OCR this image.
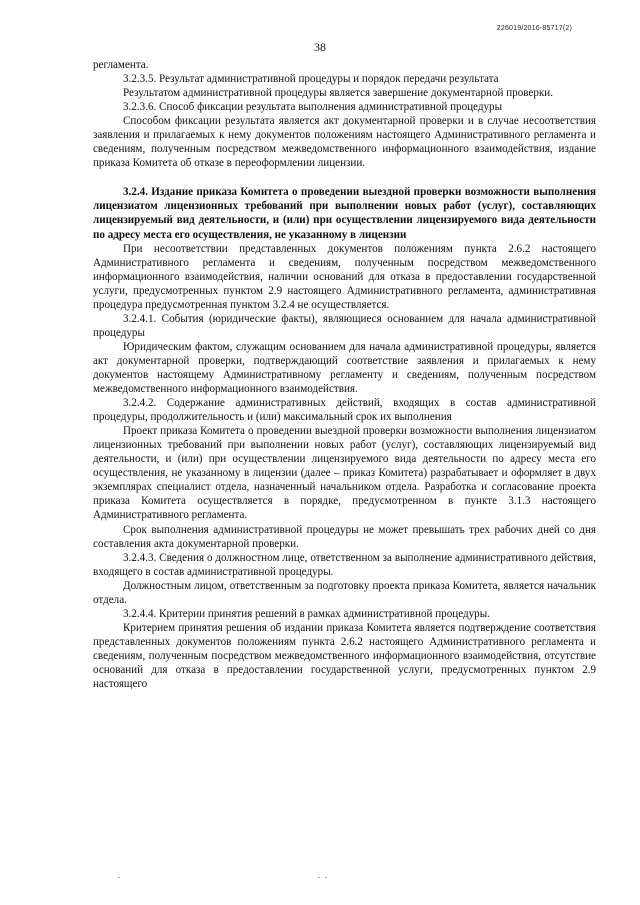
226019/2016-85717(2)
38

регламента.

3.2.3.5. Результат административной процедуры и порядок передачи результата

Результатом административной процедуры является завершение документарной проверки.

3.2.3.6. Способ фиксации результата выполнения административной процедуры

Способом фиксации результата является акт документарной проверки и в случае несоответствия заявления и прилагаемых к нему документов положениям настоящего Административного регламента и сведениям, полученным посредством межведомственного информационного взаимодействия, издание приказа Комитета об отказе в переоформлении лицензии.

3.2.4. Издание приказа Комитета о проведении выездной проверки возможности выполнения лицензиатом лицензионных требований при выполнении новых работ (услуг), составляющих лицензируемый вид деятельности, и (или) при осуществлении лицензируемого вида деятельности по адресу места его осуществления, не указанному в лицензии

При несоответствии представленных документов положениям пункта 2.6.2 настоящего Административного регламента и сведениям, полученным посредством межведомственного информационного взаимодействия, наличии оснований для отказа в предоставлении государственной услуги, предусмотренных пунктом 2.9 настоящего Административного регламента, административная процедура предусмотренная пунктом 3.2.4 не осуществляется.

3.2.4.1. События (юридические факты), являющиеся основанием для начала административной процедуры

Юридическим фактом, служащим основанием для начала административной процедуры, является акт документарной проверки, подтверждающий соответствие заявления и прилагаемых к нему документов настоящему Административному регламенту и сведениям, полученным посредством межведомственного информационного взаимодействия.

3.2.4.2. Содержание административных действий, входящих в состав административной процедуры, продолжительность и (или) максимальный срок их выполнения

Проект приказа Комитета о проведении выездной проверки возможности выполнения лицензиатом лицензионных требований при выполнении новых работ (услуг), составляющих лицензируемый вид деятельности, и (или) при осуществлении лицензируемого вида деятельности по адресу места его осуществления, не указанному в лицензии (далее – приказ Комитета) разрабатывает и оформляет в двух экземплярах специалист отдела, назначенный начальником отдела. Разработка и согласование проекта приказа Комитета осуществляется в порядке, предусмотренном в пункте 3.1.3 настоящего Административного регламента.

Срок выполнения административной процедуры не может превышать трех рабочих дней со дня составления акта документарной проверки.

3.2.4.3. Сведения о должностном лице, ответственном за выполнение административного действия, входящего в состав административной процедуры.

Должностным лицом, ответственным за подготовку проекта приказа Комитета, является начальник отдела.

3.2.4.4. Критерии принятия решений в рамках административной процедуры.

Критерием принятия решения об издании приказа Комитета является подтверждение соответствия представленных документов положениям пункта 2.6.2 настоящего Административного регламента и сведениям, полученным посредством межведомственного информационного взаимодействия, отсутствие оснований для отказа в предоставлении государственной услуги, предусмотренных пунктом 2.9 настоящего
